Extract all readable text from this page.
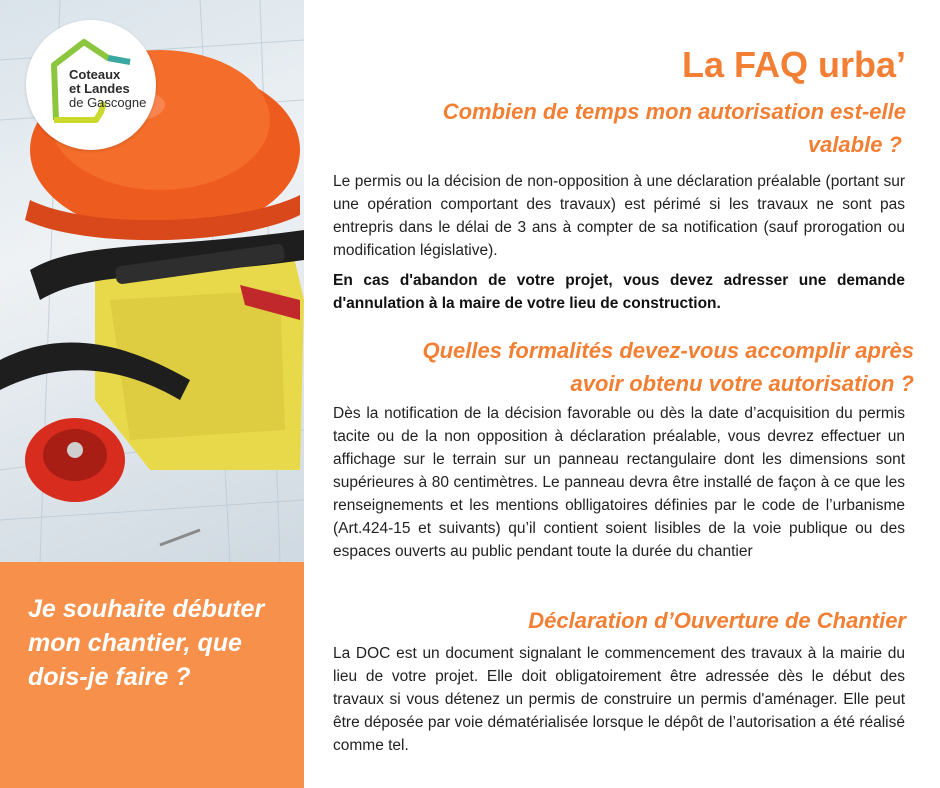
Coteaux
et Landes
de Gascogne
Je souhaite débuter mon chantier, que dois-je faire ?
La FAQ urba’
Combien de temps mon autorisation est-elle
valable ?
Le permis ou la décision de non-opposition à une déclaration préalable (portant sur une opération comportant des travaux) est périmé si les travaux ne sont pas entrepris dans le délai de 3 ans à compter de sa notification (sauf prorogation ou modification législative).
En cas d'abandon de votre projet, vous devez adresser une demande d'annulation à la maire de votre lieu de construction.
Quelles formalités devez-vous accomplir après
avoir obtenu votre autorisation ?
Dès la notification de la décision favorable ou dès la date d’acquisition du permis tacite ou de la non opposition à déclaration préalable, vous devrez effectuer un affichage sur le terrain sur un panneau rectangulaire dont les dimensions sont supérieures à 80 centimètres. Le panneau devra être installé de façon à ce que les renseignements et les mentions oblligatoires définies par le code de l’urbanisme (Art.424-15 et suivants) qu’il contient soient lisibles de la voie publique ou des espaces ouverts au public pendant toute la durée du chantier
Déclaration d’Ouverture de Chantier
La DOC est un document signalant le commencement des travaux à la mairie du lieu de votre projet. Elle doit obligatoirement être adressée dès le début des travaux si vous détenez un permis de construire un permis d'aménager. Elle peut être déposée par voie dématérialisée lorsque le dépôt de l’autorisation a été réalisé comme tel.
